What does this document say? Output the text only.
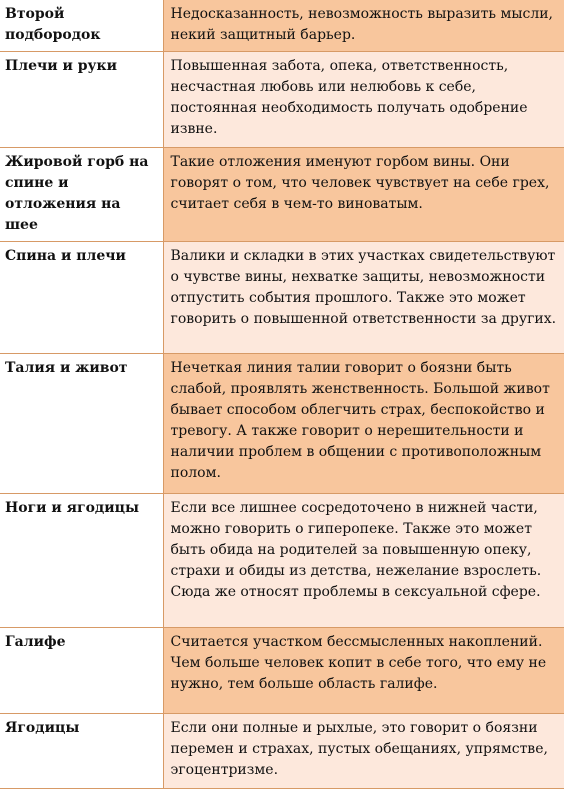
Второй подбородок	Недосказанность, невозможность выразить мысли, некий защитный барьер.
Плечи и руки	Повышенная забота, опека, ответственность, несчастная любовь или нелюбовь к себе, постоянная необходимость получать одобрение извне.
Жировой горб на спине и отложения на шее	Такие отложения именуют горбом вины. Они говорят о том, что человек чувствует на себе грех, считает себя в чем-то виноватым.
Спина и плечи	Валики и складки в этих участках свидетельствуют о чувстве вины, нехватке защиты, невозможности отпустить события прошлого. Также это может говорить о повышенной ответственности за других.
Талия и живот	Нечеткая линия талии говорит о боязни быть слабой, проявлять женственность. Большой живот бывает способом облегчить страх, беспокойство и тревогу. А также говорит о нерешительности и наличии проблем в общении с противоположным полом.
Ноги и ягодицы	Если все лишнее сосредоточено в нижней части, можно говорить о гиперопеке. Также это может быть обида на родителей за повышенную опеку, страхи и обиды из детства, нежелание взрослеть. Сюда же относят проблемы в сексуальной сфере.
Галифе	Считается участком бессмысленных накоплений. Чем больше человек копит в себе того, что ему не нужно, тем больше область галифе.
Ягодицы	Если они полные и рыхлые, это говорит о боязни перемен и страхах, пустых обещаниях, упрямстве, эгоцентризме.
